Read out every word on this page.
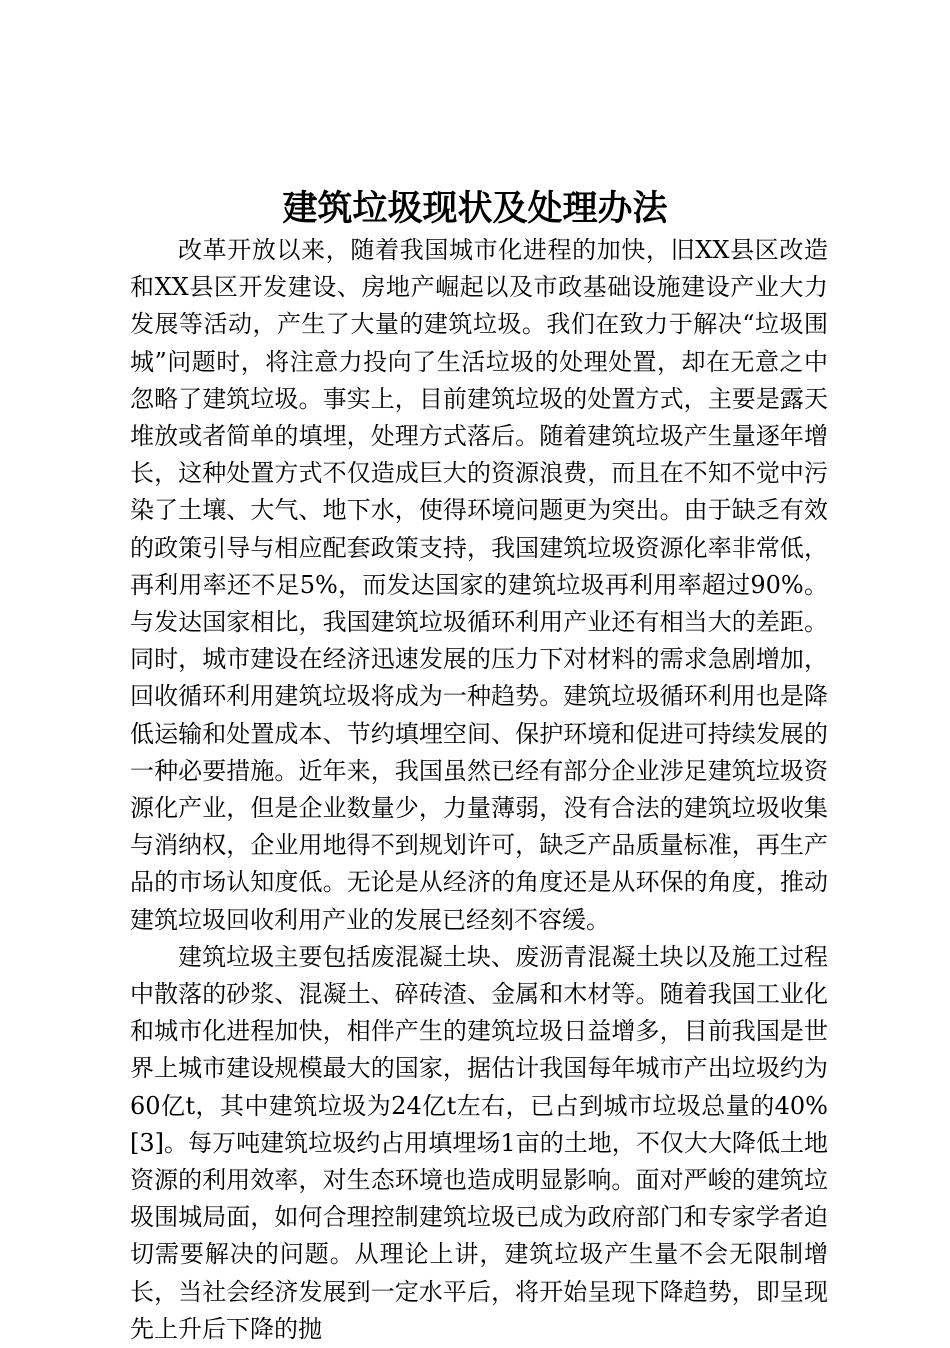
建筑垃圾现状及处理办法

改革开放以来，随着我国城市化进程的加快，旧XX县区改造和XX县区开发建设、房地产崛起以及市政基础设施建设产业大力发展等活动，产生了大量的建筑垃圾。我们在致力于解决“垃圾围城”问题时，将注意力投向了生活垃圾的处理处置，却在无意之中忽略了建筑垃圾。事实上，目前建筑垃圾的处置方式，主要是露天堆放或者简单的填埋，处理方式落后。随着建筑垃圾产生量逐年增长，这种处置方式不仅造成巨大的资源浪费，而且在不知不觉中污染了土壤、大气、地下水，使得环境问题更为突出。由于缺乏有效的政策引导与相应配套政策支持，我国建筑垃圾资源化率非常低，再利用率还不足5%，而发达国家的建筑垃圾再利用率超过90%。与发达国家相比，我国建筑垃圾循环利用产业还有相当大的差距。同时，城市建设在经济迅速发展的压力下对材料的需求急剧增加，回收循环利用建筑垃圾将成为一种趋势。建筑垃圾循环利用也是降低运输和处置成本、节约填埋空间、保护环境和促进可持续发展的一种必要措施。近年来，我国虽然已经有部分企业涉足建筑垃圾资源化产业，但是企业数量少，力量薄弱，没有合法的建筑垃圾收集与消纳权，企业用地得不到规划许可，缺乏产品质量标准，再生产品的市场认知度低。无论是从经济的角度还是从环保的角度，推动建筑垃圾回收利用产业的发展已经刻不容缓。

建筑垃圾主要包括废混凝土块、废沥青混凝土块以及施工过程中散落的砂浆、混凝土、碎砖渣、金属和木材等。随着我国工业化和城市化进程加快，相伴产生的建筑垃圾日益增多，目前我国是世界上城市建设规模最大的国家，据估计我国每年城市产出垃圾约为60亿t，其中建筑垃圾为24亿t左右，已占到城市垃圾总量的40%[3]。每万吨建筑垃圾约占用填埋场1亩的土地，不仅大大降低土地资源的利用效率，对生态环境也造成明显影响。面对严峻的建筑垃圾围城局面，如何合理控制建筑垃圾已成为政府部门和专家学者迫切需要解决的问题。从理论上讲，建筑垃圾产生量不会无限制增长，当社会经济发展到一定水平后，将开始呈现下降趋势，即呈现先上升后下降的抛
